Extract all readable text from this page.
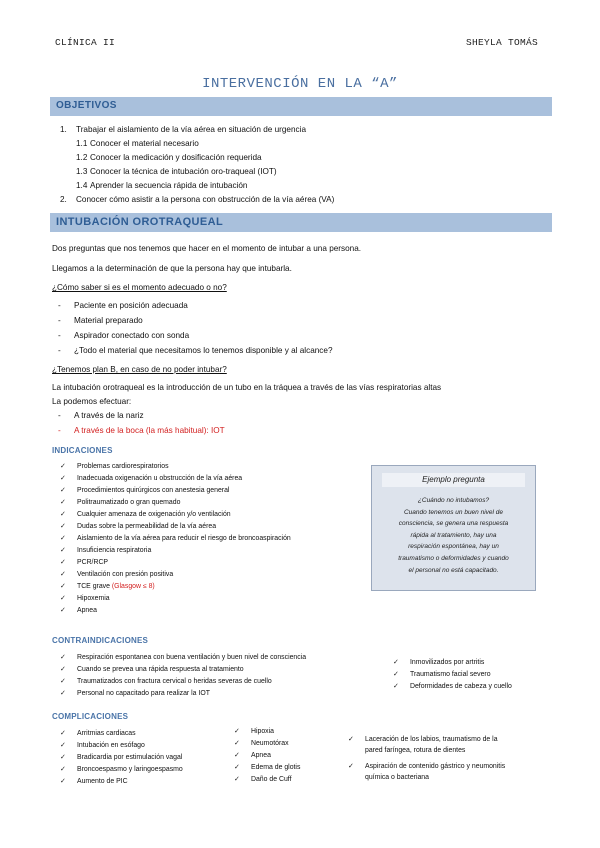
CLÍNICA II	SHEYLA TOMÁS
INTERVENCIÓN EN LA “A”
OBJETIVOS
1. Trabajar el aislamiento de la vía aérea en situación de urgencia
1.1 Conocer el material necesario
1.2 Conocer la medicación y dosificación requerida
1.3 Conocer la técnica de intubación oro-traqueal (IOT)
1.4 Aprender la secuencia rápida de intubación
2. Conocer cómo asistir a la persona con obstrucción de la vía aérea (VA)
INTUBACIÓN OROTRAQUEAL
Dos preguntas que nos tenemos que hacer en el momento de intubar a una persona.
Llegamos a la determinación de que la persona hay que intubarla.
¿Cómo saber si es el momento adecuado o no?
- Paciente en posición adecuada
- Material preparado
- Aspirador conectado con sonda
- ¿Todo el material que necesitamos lo tenemos disponible y al alcance?
¿Tenemos plan B, en caso de no poder intubar?
La intubación orotraqueal es la introducción de un tubo en la tráquea a través de las vías respiratorias altas
La podemos efectuar:
- A través de la nariz
- A través de la boca (la más habitual): IOT
INDICACIONES
✓ Problemas cardiorespiratorios
✓ Inadecuada oxigenación u obstrucción de la vía aérea
✓ Procedimientos quirúrgicos con anestesia general
✓ Politraumatizado o gran quemado
✓ Cualquier amenaza de oxigenación y/o ventilación
✓ Dudas sobre la permeabilidad de la vía aérea
✓ Aislamiento de la vía aérea para reducir el riesgo de broncoaspiración
✓ Insuficiencia respiratoria
✓ PCR/RCP
✓ Ventilación con presión positiva
✓ TCE grave (Glasgow ≤ 8)
✓ Hipoxemia
✓ Apnea
Ejemplo pregunta
¿Cuándo no intubamos?
Cuando tenemos un buen nivel de
consciencia, se genera una respuesta
rápida al tratamiento, hay una
respiración espontánea, hay un
traumatismo o deformidades y cuando
el personal no está capacitado.
CONTRAINDICACIONES
✓ Respiración espontanea con buena ventilación y buen nivel de consciencia
✓ Cuando se prevea una rápida respuesta al tratamiento
✓ Traumatizados con fractura cervical o heridas severas de cuello
✓ Personal no capacitado para realizar la IOT
✓ Inmovilizados por artritis
✓ Traumatismo facial severo
✓ Deformidades de cabeza y cuello
COMPLICACIONES
✓ Arritmias cardiacas
✓ Intubación en esófago
✓ Bradicardia por estimulación vagal
✓ Broncoespasmo y laringoespasmo
✓ Aumento de PIC
✓ Hipoxia
✓ Neumotórax
✓ Apnea
✓ Edema de glotis
✓ Daño de Cuff
✓ Laceración de los labios, traumatismo de la
pared faríngea, rotura de dientes
✓ Aspiración de contenido gástrico y neumonitis
química o bacteriana
